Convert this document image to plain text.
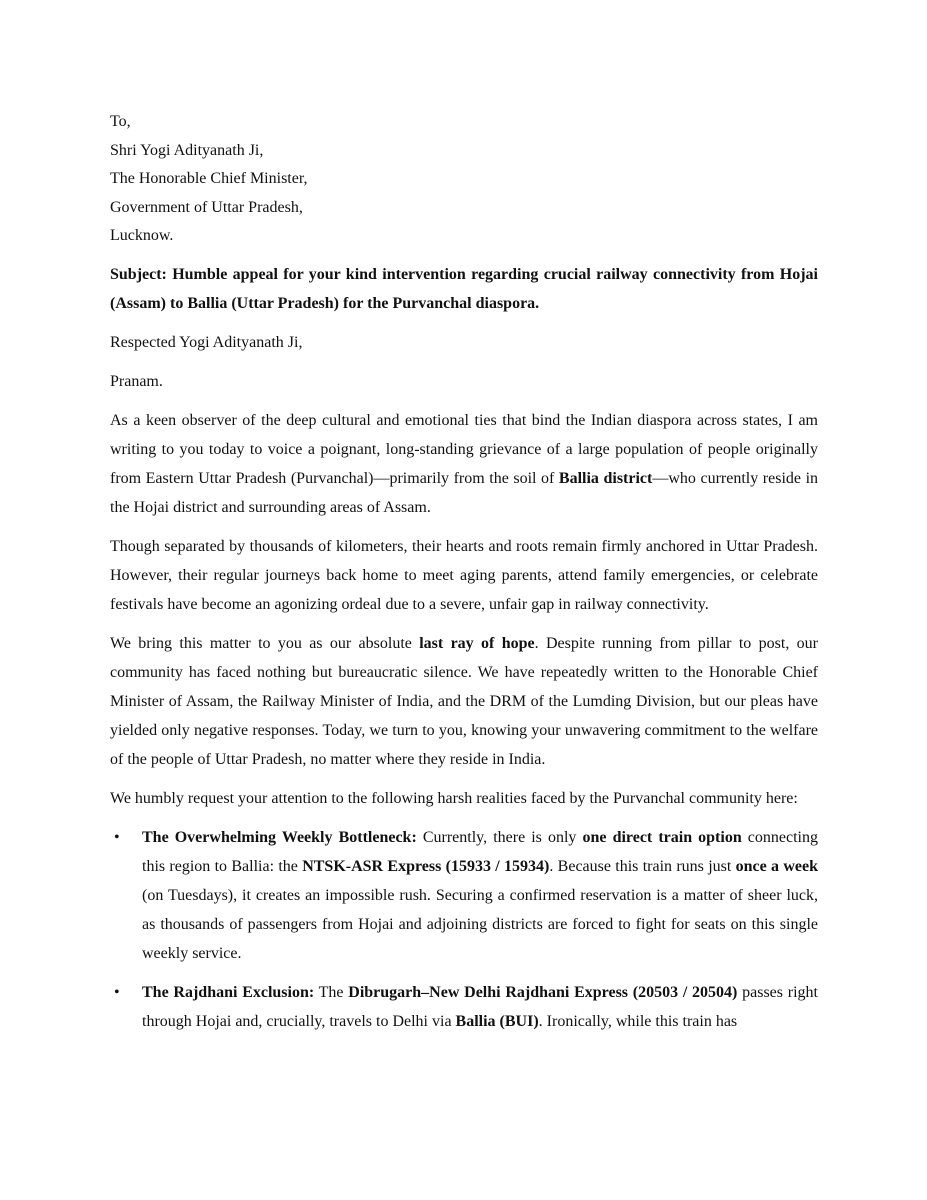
To,

Shri Yogi Adityanath Ji,

The Honorable Chief Minister,

Government of Uttar Pradesh,

Lucknow.

Subject: Humble appeal for your kind intervention regarding crucial railway connectivity from Hojai (Assam) to Ballia (Uttar Pradesh) for the Purvanchal diaspora.

Respected Yogi Adityanath Ji,

Pranam.

As a keen observer of the deep cultural and emotional ties that bind the Indian diaspora across states, I am writing to you today to voice a poignant, long-standing grievance of a large population of people originally from Eastern Uttar Pradesh (Purvanchal)—primarily from the soil of Ballia district—who currently reside in the Hojai district and surrounding areas of Assam.

Though separated by thousands of kilometers, their hearts and roots remain firmly anchored in Uttar Pradesh. However, their regular journeys back home to meet aging parents, attend family emergencies, or celebrate festivals have become an agonizing ordeal due to a severe, unfair gap in railway connectivity.

We bring this matter to you as our absolute last ray of hope. Despite running from pillar to post, our community has faced nothing but bureaucratic silence. We have repeatedly written to the Honorable Chief Minister of Assam, the Railway Minister of India, and the DRM of the Lumding Division, but our pleas have yielded only negative responses. Today, we turn to you, knowing your unwavering commitment to the welfare of the people of Uttar Pradesh, no matter where they reside in India.

We humbly request your attention to the following harsh realities faced by the Purvanchal community here:

• The Overwhelming Weekly Bottleneck: Currently, there is only one direct train option connecting this region to Ballia: the NTSK-ASR Express (15933 / 15934). Because this train runs just once a week (on Tuesdays), it creates an impossible rush. Securing a confirmed reservation is a matter of sheer luck, as thousands of passengers from Hojai and adjoining districts are forced to fight for seats on this single weekly service.
• The Rajdhani Exclusion: The Dibrugarh–New Delhi Rajdhani Express (20503 / 20504) passes right through Hojai and, crucially, travels to Delhi via Ballia (BUI). Ironically, while this train has
